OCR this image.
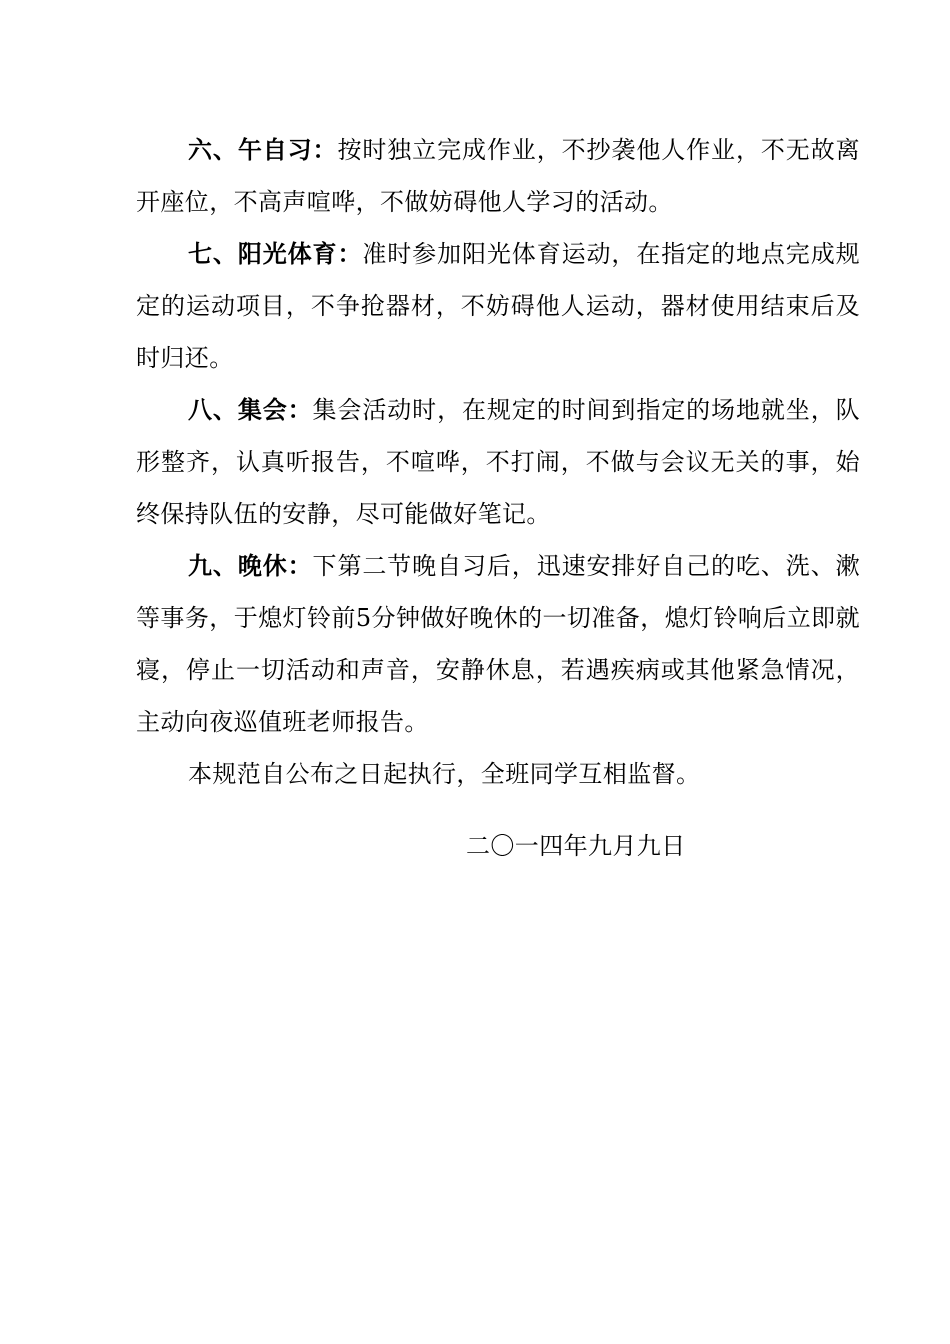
六、午自习：按时独立完成作业，不抄袭他人作业，不无故离开座位，不高声喧哗，不做妨碍他人学习的活动。

七、阳光体育：准时参加阳光体育运动，在指定的地点完成规定的运动项目，不争抢器材，不妨碍他人运动，器材使用结束后及时归还。

八、集会：集会活动时，在规定的时间到指定的场地就坐，队形整齐，认真听报告，不喧哗，不打闹，不做与会议无关的事，始终保持队伍的安静，尽可能做好笔记。

九、晚休：下第二节晚自习后，迅速安排好自己的吃、洗、漱等事务，于熄灯铃前5分钟做好晚休的一切准备，熄灯铃响后立即就寝，停止一切活动和声音，安静休息，若遇疾病或其他紧急情况，主动向夜巡值班老师报告。

本规范自公布之日起执行，全班同学互相监督。

二〇一四年九月九日
